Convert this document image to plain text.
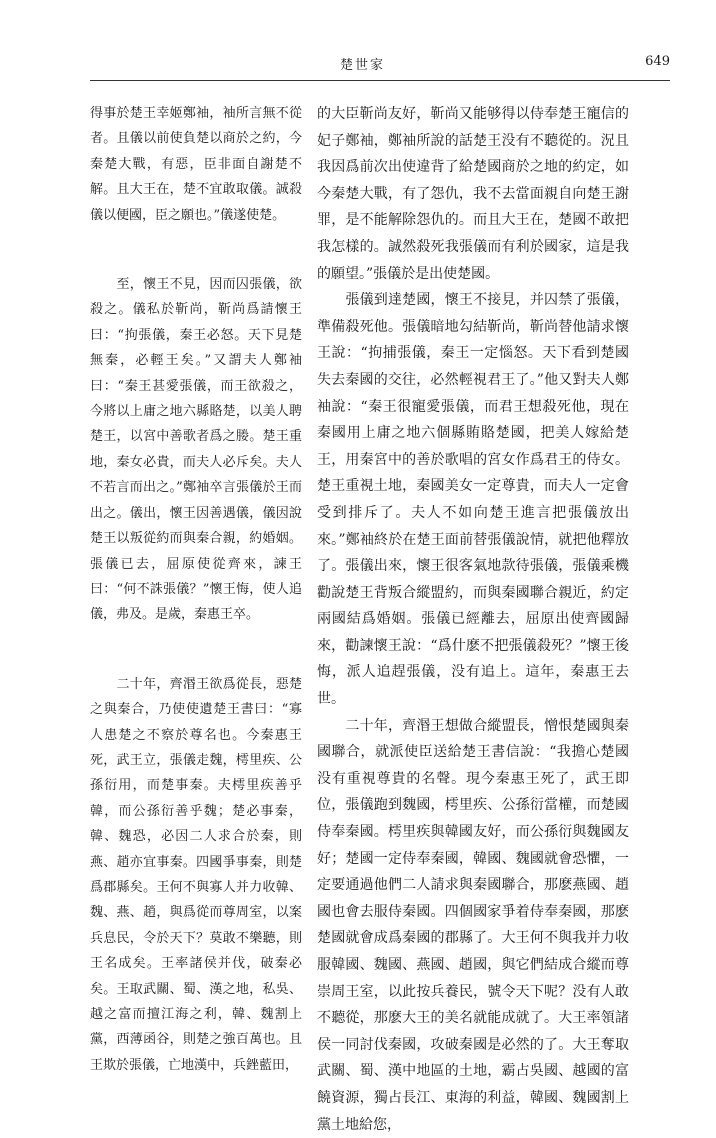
楚世家	649

得事於楚王幸姬鄭袖，袖所言無不從者。且儀以前使負楚以商於之約，今秦楚大戰，有惡，臣非面自謝楚不解。且大王在，楚不宜敢取儀。誠殺儀以便國，臣之願也。”儀遂使楚。

　　至，懷王不見，因而囚張儀，欲殺之。儀私於靳尚，靳尚爲請懷王曰：“拘張儀，秦王必怒。天下見楚無秦，必輕王矣。”又謂夫人鄭袖曰：“秦王甚愛張儀，而王欲殺之，今將以上庸之地六縣賂楚，以美人聘楚王，以宮中善歌者爲之媵。楚王重地，秦女必貴，而夫人必斥矣。夫人不若言而出之。”鄭袖卒言張儀於王而出之。儀出，懷王因善遇儀，儀因說楚王以叛從約而與秦合親，約婚姻。張儀已去，屈原使從齊來，諫王曰：“何不誅張儀？”懷王悔，使人追儀，弗及。是歲，秦惠王卒。

　　二十年，齊湣王欲爲從長，惡楚之與秦合，乃使使遺楚王書曰：“寡人患楚之不察於尊名也。今秦惠王死，武王立，張儀走魏，樗里疾、公孫衍用，而楚事秦。夫樗里疾善乎韓，而公孫衍善乎魏；楚必事秦，韓、魏恐，必因二人求合於秦，則燕、趙亦宜事秦。四國爭事秦，則楚爲郡縣矣。王何不與寡人并力收韓、魏、燕、趙，與爲從而尊周室，以案兵息民，令於天下？莫敢不樂聽，則王名成矣。王率諸侯并伐，破秦必矣。王取武關、蜀、漢之地，私吳、越之富而擅江海之利，韓、魏割上黨，西薄函谷，則楚之強百萬也。且王欺於張儀，亡地漢中，兵銼藍田，

的大臣靳尚友好，靳尚又能够得以侍奉楚王寵信的妃子鄭袖，鄭袖所說的話楚王没有不聽從的。況且我因爲前次出使違背了給楚國商於之地的約定，如今秦楚大戰，有了怨仇，我不去當面親自向楚王謝罪，是不能解除怨仇的。而且大王在，楚國不敢把我怎樣的。誠然殺死我張儀而有利於國家，這是我的願望。”張儀於是出使楚國。

　　張儀到達楚國，懷王不接見，并囚禁了張儀，準備殺死他。張儀暗地勾結靳尚，靳尚替他請求懷王說：“拘捕張儀，秦王一定惱怒。天下看到楚國失去秦國的交往，必然輕視君王了。”他又對夫人鄭袖說：“秦王很寵愛張儀，而君王想殺死他，現在秦國用上庸之地六個縣賄賂楚國，把美人嫁給楚王，用秦宮中的善於歌唱的宮女作爲君王的侍女。楚王重視土地，秦國美女一定尊貴，而夫人一定會受到排斥了。夫人不如向楚王進言把張儀放出來。”鄭袖終於在楚王面前替張儀說情，就把他釋放了。張儀出來，懷王很客氣地款待張儀，張儀乘機勸說楚王背叛合縱盟約，而與秦國聯合親近，約定兩國結爲婚姻。張儀已經離去，屈原出使齊國歸來，勸諫懷王說：“爲什麽不把張儀殺死？”懷王後悔，派人追趕張儀，没有追上。這年，秦惠王去世。

　　二十年，齊湣王想做合縱盟長，憎恨楚國與秦國聯合，就派使臣送給楚王書信說：“我擔心楚國没有重視尊貴的名聲。現今秦惠王死了，武王即位，張儀跑到魏國，樗里疾、公孫衍當權，而楚國侍奉秦國。樗里疾與韓國友好，而公孫衍與魏國友好；楚國一定侍奉秦國，韓國、魏國就會恐懼，一定要通過他們二人請求與秦國聯合，那麽燕國、趙國也會去服侍秦國。四個國家爭着侍奉秦國，那麽楚國就會成爲秦國的郡縣了。大王何不與我并力收服韓國、魏國、燕國、趙國，與它們結成合縱而尊崇周王室，以此按兵養民，號令天下呢？没有人敢不聽從，那麽大王的美名就能成就了。大王率領諸侯一同討伐秦國，攻破秦國是必然的了。大王奪取武關、蜀、漢中地區的土地，霸占吳國、越國的富饒資源，獨占長江、東海的利益，韓國、魏國割上黨土地給您，
